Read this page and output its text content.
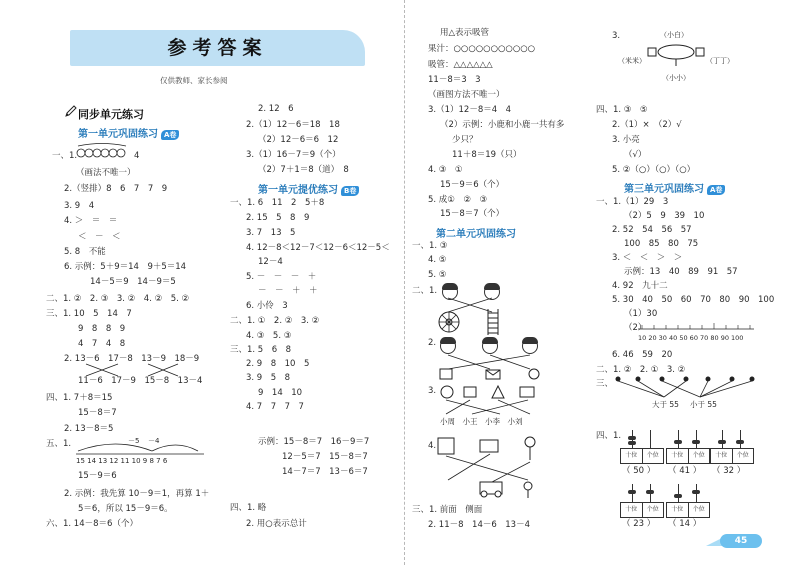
参考答案
仅供教师、家长参阅
同步单元练习
第一单元巩固练习 A卷
一、1.	4
（画法不唯一）
2.（竖排）8　6　7　7　9
3. 9　4
4. ＞　＝　＝
＜　－　＜
5. 8　不能
6. 示例：5＋9＝14　9＋5＝14
14－5＝9　14－9＝5
二、1. ②　2. ③　3. ②　4. ②　5. ②
三、1. 10　5　14　7
9　8　8　9
4　7　4　8
2. 13－6　17－8　13－9　18－9
11－6　17－9　15－8　13－4
四、1. 7＋8＝15
15－8＝7
2. 13－8＝5
五、1.	－5 －4
15 14 13 12 11 10 9 8 7 6
15－9＝6
2. 示例：我先算 10－9＝1，再算 1＋
5＝6，所以 15－9＝6。
六、1. 14－8＝6（个）
2. 12　6
2.（1）12－6＝18　18
（2）12－6＝6　12
3.（1）16－7＝9（个）
（2）7＋1＝8（道）　8
第一单元提优练习 B卷
一、1. 6　11　2　5＋8
2. 15　5　8　9
3. 7　13　5
4. 12－8＜12－7＜12－6＜12－5＜
12－4
5. －　－　－　＋
－　－　＋　＋
6. 小伶　3
二、1. ①　2. ②　3. ②
4. ③　5. ③
三、1. 5　6　8
2. 9　8　10　5
3. 9　5　8
9　14　10
4. 7　7　7　7
示例：15－8＝7　16－9＝7
12－5＝7　15－8＝7
14－7＝7　13－6＝7
四、1. 略
2. 用○表示总计
用△表示吸管
果汁：○○○○○○○○○○○
吸管：△△△△△△
11－8＝3　3
（画图方法不唯一）
3.（1）12－8＝4　4
（2）示例：小鹿和小鹿一共有多
少只？
11＋8＝19（只）
4. ③　①
15－9＝6（个）
5. 成①　②　③
15－8＝7（个）
第二单元巩固练习
一、1. ③
4. ⑤
5. ⑤
二、1.
2.
3.
小周　小王　小李　小刘
4.
三、1. 前面　侧面
2. 11－8　14－6　13－4
3.	（小白）
（米米）	（丁丁）
（小小）
四、1. ③　⑤
2.（1）×　（2）√
3. 小亮
（√）
5. ②（○）（○）（○）
第三单元巩固练习 A卷
一、1.（1）29　3
（2）5　9　39　10
2. 52　54　56　57
100　85　80　75
3. ＜　＜　＞　＞
示例：13　40　89　91　57
4. 92　九十二
5. 30　40　50　60　70　80　90　100
（1）30
（2）
10 20 30 40 50 60 70 80 90 100
6. 46　59　20
二、1. ②　2. ①　3. ②
三、
大于 55 小于 55
四、1.
十位	个位	十位	个位	十位	个位
（ 50 ） （ 41 ） （ 32 ）
十位	个位	十位	个位
（ 23 ） （ 14 ）
45
